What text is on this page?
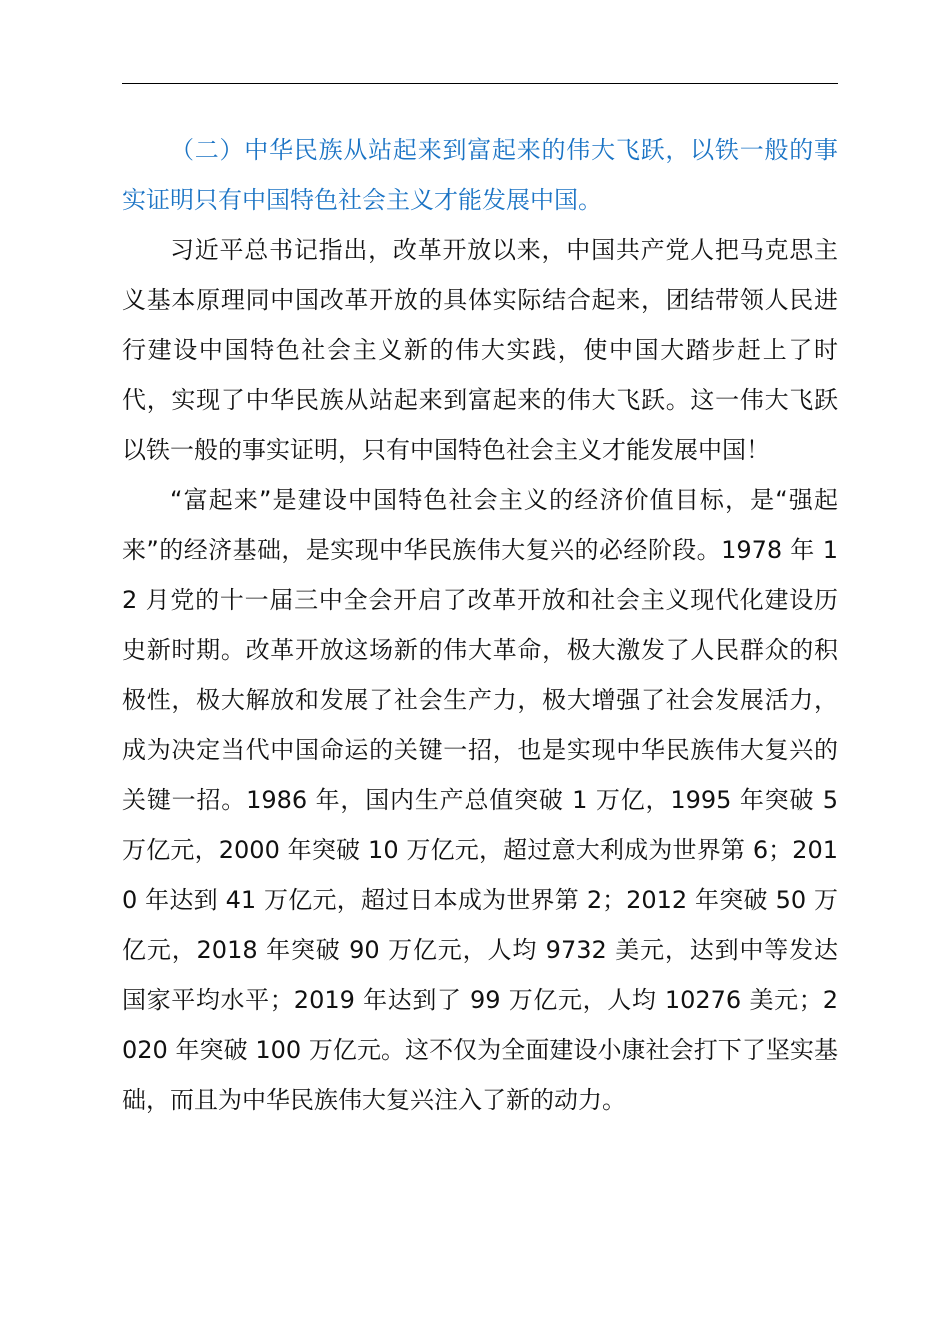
（二）中华民族从站起来到富起来的伟大飞跃，以铁一般的事实证明只有中国特色社会主义才能发展中国。

习近平总书记指出，改革开放以来，中国共产党人把马克思主义基本原理同中国改革开放的具体实际结合起来，团结带领人民进行建设中国特色社会主义新的伟大实践，使中国大踏步赶上了时代，实现了中华民族从站起来到富起来的伟大飞跃。这一伟大飞跃以铁一般的事实证明，只有中国特色社会主义才能发展中国！

“富起来”是建设中国特色社会主义的经济价值目标，是“强起来”的经济基础，是实现中华民族伟大复兴的必经阶段。1978 年 12 月党的十一届三中全会开启了改革开放和社会主义现代化建设历史新时期。改革开放这场新的伟大革命，极大激发了人民群众的积极性，极大解放和发展了社会生产力，极大增强了社会发展活力，成为决定当代中国命运的关键一招，也是实现中华民族伟大复兴的关键一招。1986 年，国内生产总值突破 1 万亿，1995 年突破 5 万亿元，2000 年突破 10 万亿元，超过意大利成为世界第 6；2010 年达到 41 万亿元，超过日本成为世界第 2；2012 年突破 50 万亿元，2018 年突破 90 万亿元，人均 9732 美元，达到中等发达国家平均水平；2019 年达到了 99 万亿元，人均 10276 美元；2020 年突破 100 万亿元。这不仅为全面建设小康社会打下了坚实基础，而且为中华民族伟大复兴注入了新的动力。
